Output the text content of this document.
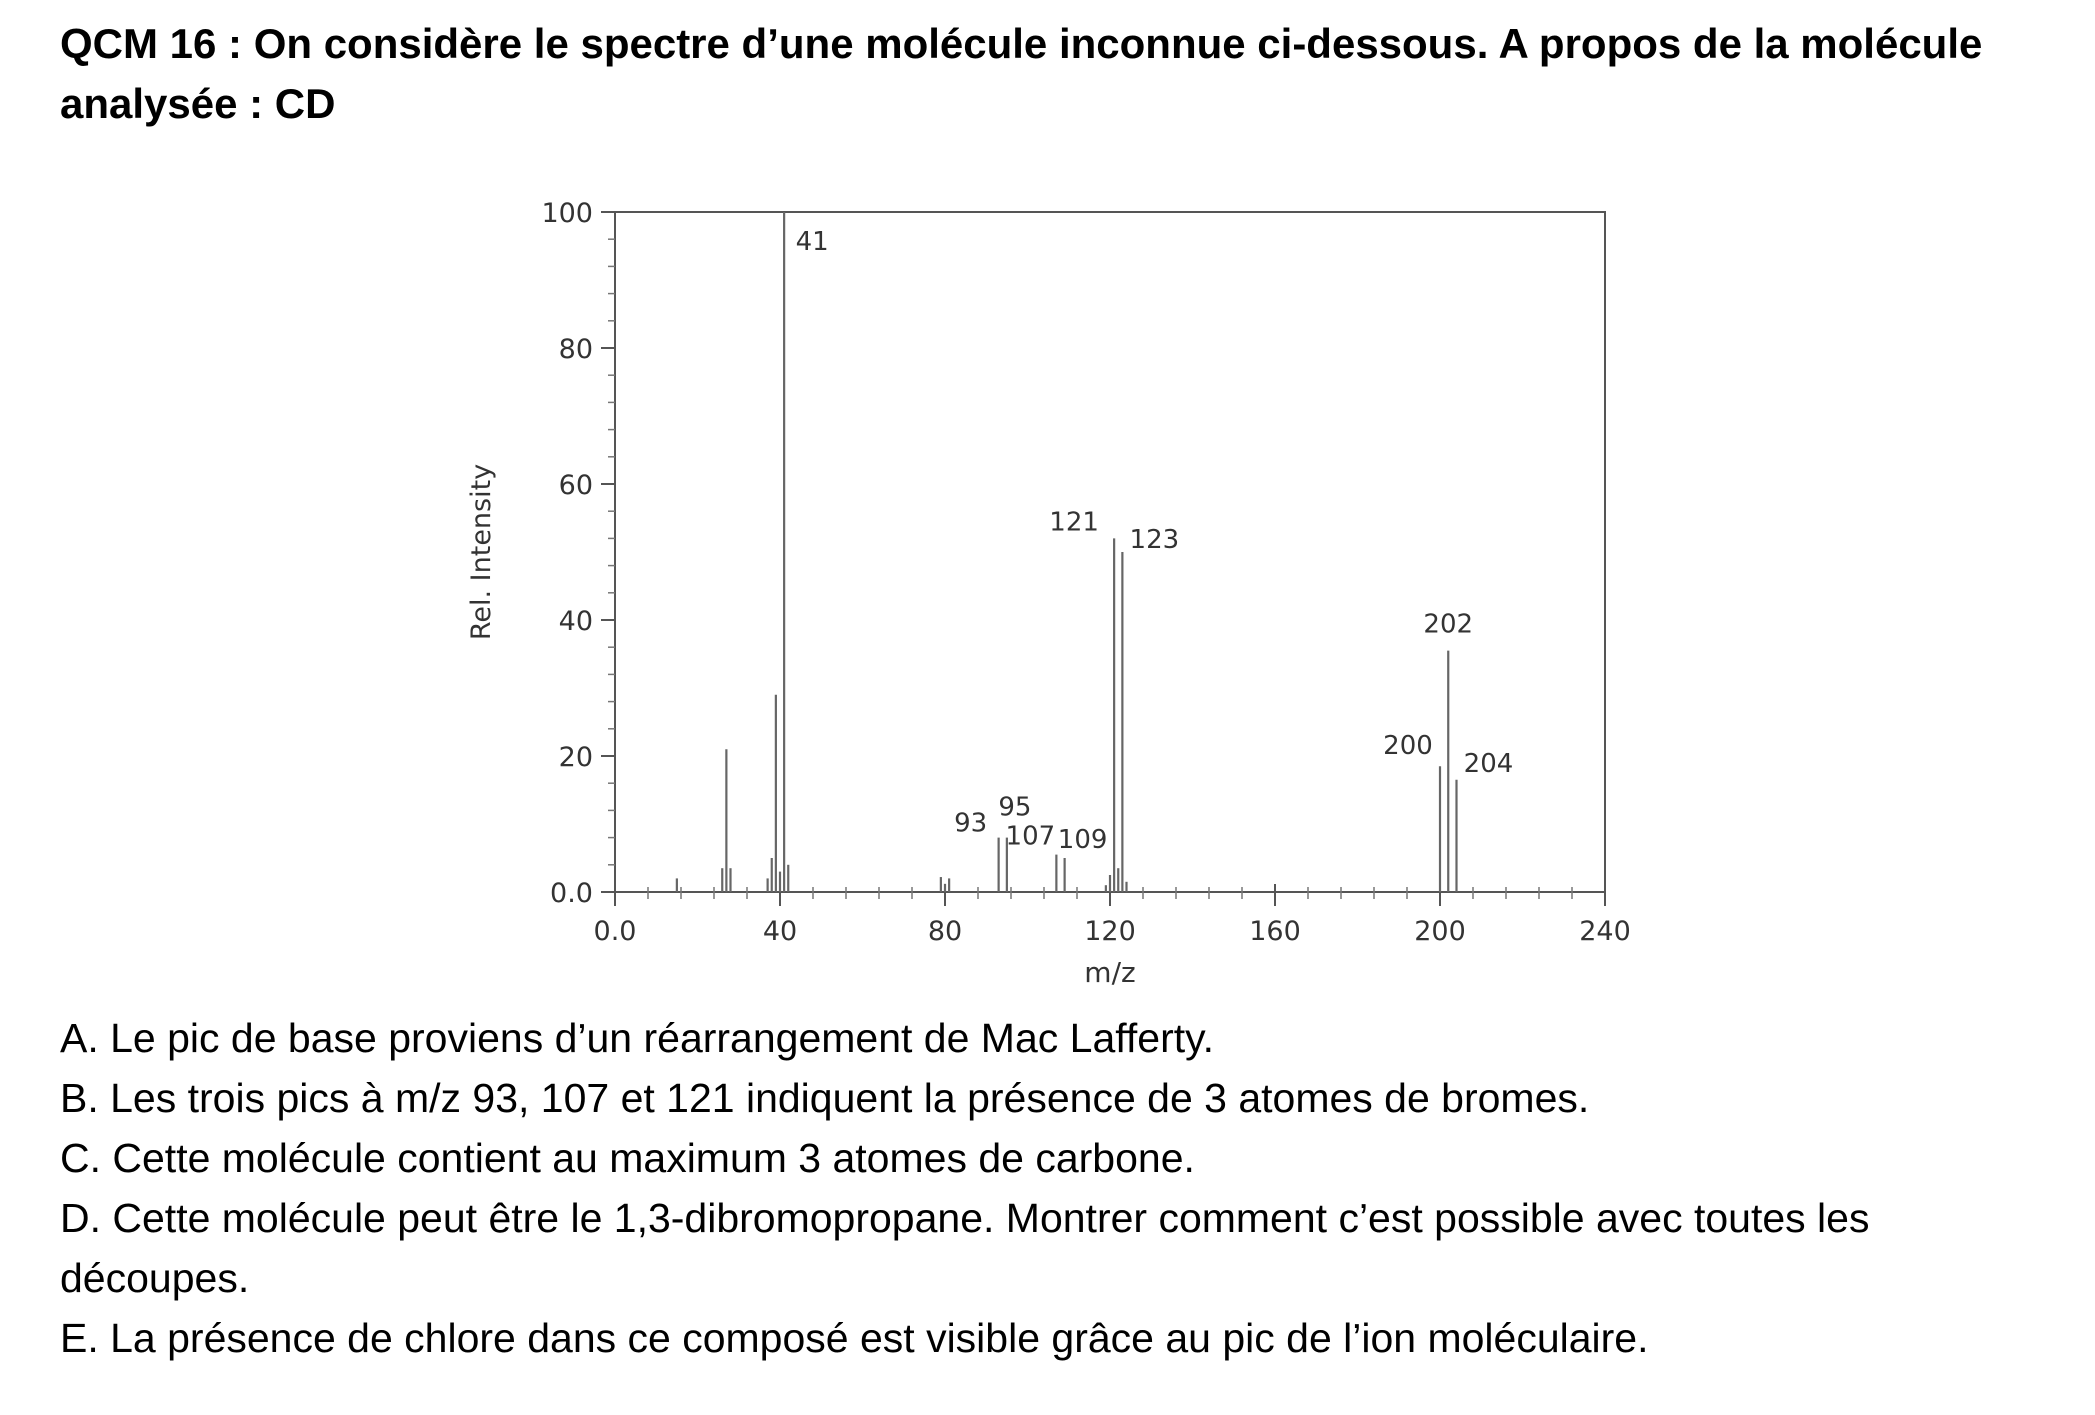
QCM 16 : On considère le spectre d’une molécule inconnue ci-dessous. A propos de la molécule analysée : CD

0.0
20
40
60
80
100
0.0	40	80	120	160	200	240
m/z
Rel. Intensity
41
93
95
107 109
121
123
200
202
204
A. Le pic de base proviens d’un réarrangement de Mac Lafferty.
B. Les trois pics à m/z 93, 107 et 121 indiquent la présence de 3 atomes de bromes.
C. Cette molécule contient au maximum 3 atomes de carbone.
D. Cette molécule peut être le 1,3-dibromopropane. Montrer comment c’est possible avec toutes les découpes.
E. La présence de chlore dans ce composé est visible grâce au pic de l’ion moléculaire.
